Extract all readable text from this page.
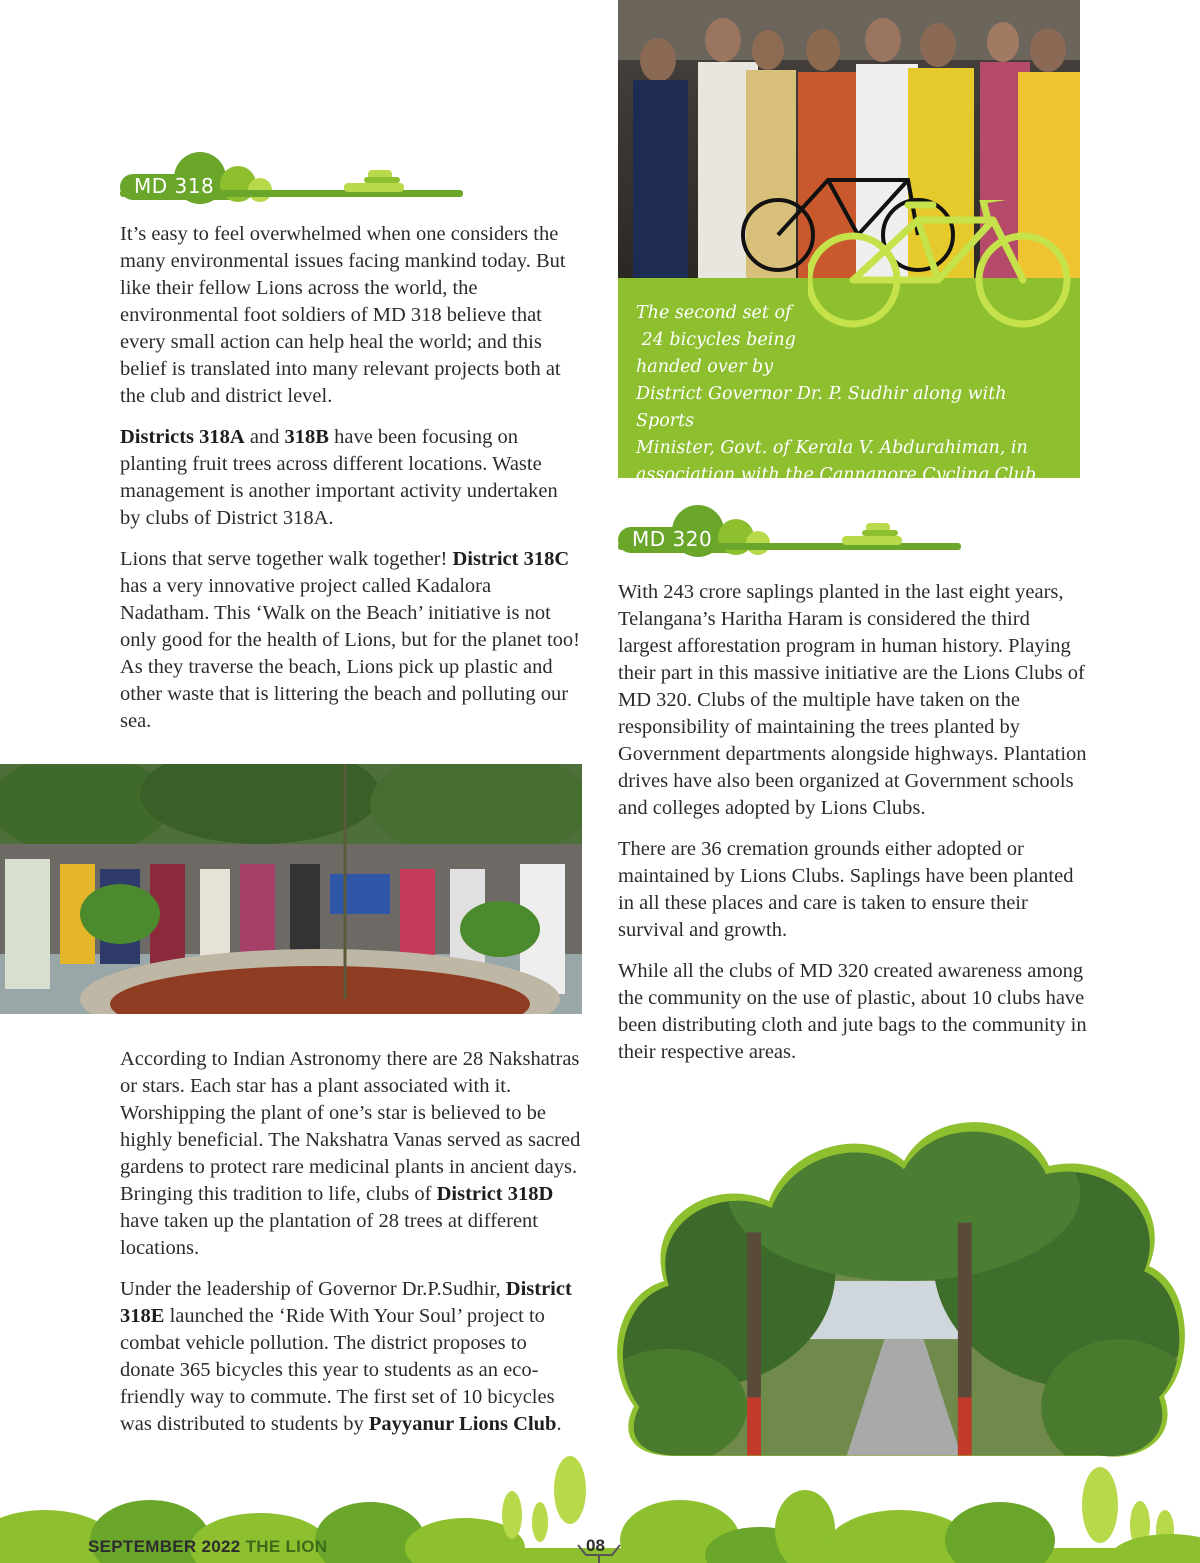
The second set of
24 bicycles being
handed over by
District Governor Dr. P. Sudhir along with Sports
Minister, Govt. of Kerala V. Abdurahiman, in
association with the Cannanore Cycling Club.
MD 318

It’s easy to feel overwhelmed when one considers the many environmental issues facing mankind today. But like their fellow Lions across the world, the environmental foot soldiers of MD 318 believe that every small action can help heal the world; and this belief is translated into many relevant projects both at the club and district level.

Districts 318A and 318B have been focusing on planting fruit trees across different locations. Waste management is another important activity undertaken by clubs of District 318A.

Lions that serve together walk together! District 318C has a very innovative project called Kadalora Nadatham. This ‘Walk on the Beach’ initiative is not only good for the health of Lions, but for the planet too! As they traverse the beach, Lions pick up plastic and other waste that is littering the beach and polluting our sea.

According to Indian Astronomy there are 28 Nakshatras or stars. Each star has a plant associated with it. Worshipping the plant of one’s star is believed to be highly beneficial. The Nakshatra Vanas served as sacred gardens to protect rare medicinal plants in ancient days. Bringing this tradition to life, clubs of District 318D have taken up the plantation of 28 trees at different locations.

Under the leadership of Governor Dr.P.Sudhir, District 318E launched the ‘Ride With Your Soul’ project to combat vehicle pollution. The district proposes to donate 365 bicycles this year to students as an eco-friendly way to commute. The first set of 10 bicycles was distributed to students by Payyanur Lions Club.

MD 320

With 243 crore saplings planted in the last eight years, Telangana’s Haritha Haram is considered the third largest afforestation program in human history. Playing their part in this massive initiative are the Lions Clubs of MD 320. Clubs of the multiple have taken on the responsibility of maintaining the trees planted by Government departments alongside highways. Plantation drives have also been organized at Government schools and colleges adopted by Lions Clubs.

There are 36 cremation grounds either adopted or maintained by Lions Clubs. Saplings have been planted in all these places and care is taken to ensure their survival and growth.

While all the clubs of MD 320 created awareness among the community on the use of plastic, about 10 clubs have been distributing cloth and jute bags to the community in their respective areas.

SEPTEMBER 2022 THE LION	08
